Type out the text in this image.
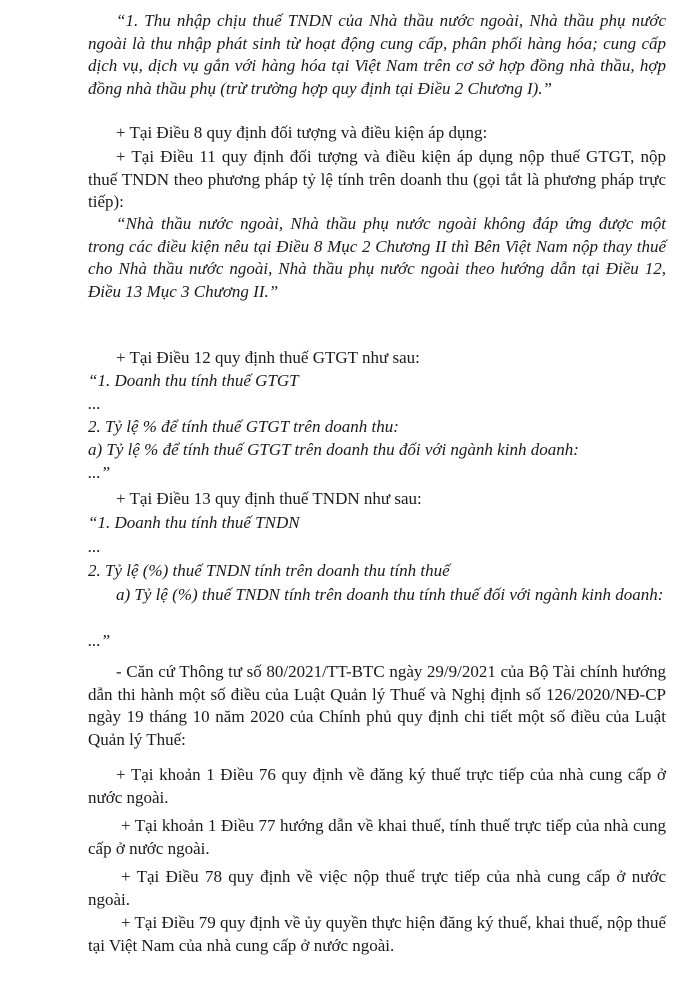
“1. Thu nhập chịu thuế TNDN của Nhà thầu nước ngoài, Nhà thầu phụ nước ngoài là thu nhập phát sinh từ hoạt động cung cấp, phân phối hàng hóa; cung cấp dịch vụ, dịch vụ gắn với hàng hóa tại Việt Nam trên cơ sở hợp đồng nhà thầu, hợp đồng nhà thầu phụ (trừ trường hợp quy định tại Điều 2 Chương I).”

+ Tại Điều 8 quy định đối tượng và điều kiện áp dụng:

+ Tại Điều 11 quy định đối tượng và điều kiện áp dụng nộp thuế GTGT, nộp thuế TNDN theo phương pháp tỷ lệ tính trên doanh thu (gọi tắt là phương pháp trực tiếp):

“Nhà thầu nước ngoài, Nhà thầu phụ nước ngoài không đáp ứng được một trong các điều kiện nêu tại Điều 8 Mục 2 Chương II thì Bên Việt Nam nộp thay thuế cho Nhà thầu nước ngoài, Nhà thầu phụ nước ngoài theo hướng dẫn tại Điều 12, Điều 13 Mục 3 Chương II.”

+ Tại Điều 12 quy định thuế GTGT như sau:

“1. Doanh thu tính thuế GTGT

...

2. Tỷ lệ % để tính thuế GTGT trên doanh thu:

a) Tỷ lệ % để tính thuế GTGT trên doanh thu đối với ngành kinh doanh:

...”

+ Tại Điều 13 quy định thuế TNDN như sau:

“1. Doanh thu tính thuế TNDN

...

2. Tỷ lệ (%) thuế TNDN tính trên doanh thu tính thuế

a) Tỷ lệ (%) thuế TNDN tính trên doanh thu tính thuế đối với ngành kinh doanh:

...”

- Căn cứ Thông tư số 80/2021/TT-BTC ngày 29/9/2021 của Bộ Tài chính hướng dẫn thi hành một số điều của Luật Quản lý Thuế và Nghị định số 126/2020/NĐ-CP ngày 19 tháng 10 năm 2020 của Chính phủ quy định chi tiết một số điều của Luật Quản lý Thuế:

+ Tại khoản 1 Điều 76 quy định về đăng ký thuế trực tiếp của nhà cung cấp ở nước ngoài.

+ Tại khoản 1 Điều 77 hướng dẫn về khai thuế, tính thuế trực tiếp của nhà cung cấp ở nước ngoài.

+ Tại Điều 78 quy định về việc nộp thuế trực tiếp của nhà cung cấp ở nước ngoài.

+ Tại Điều 79 quy định về ủy quyền thực hiện đăng ký thuế, khai thuế, nộp thuế tại Việt Nam của nhà cung cấp ở nước ngoài.
